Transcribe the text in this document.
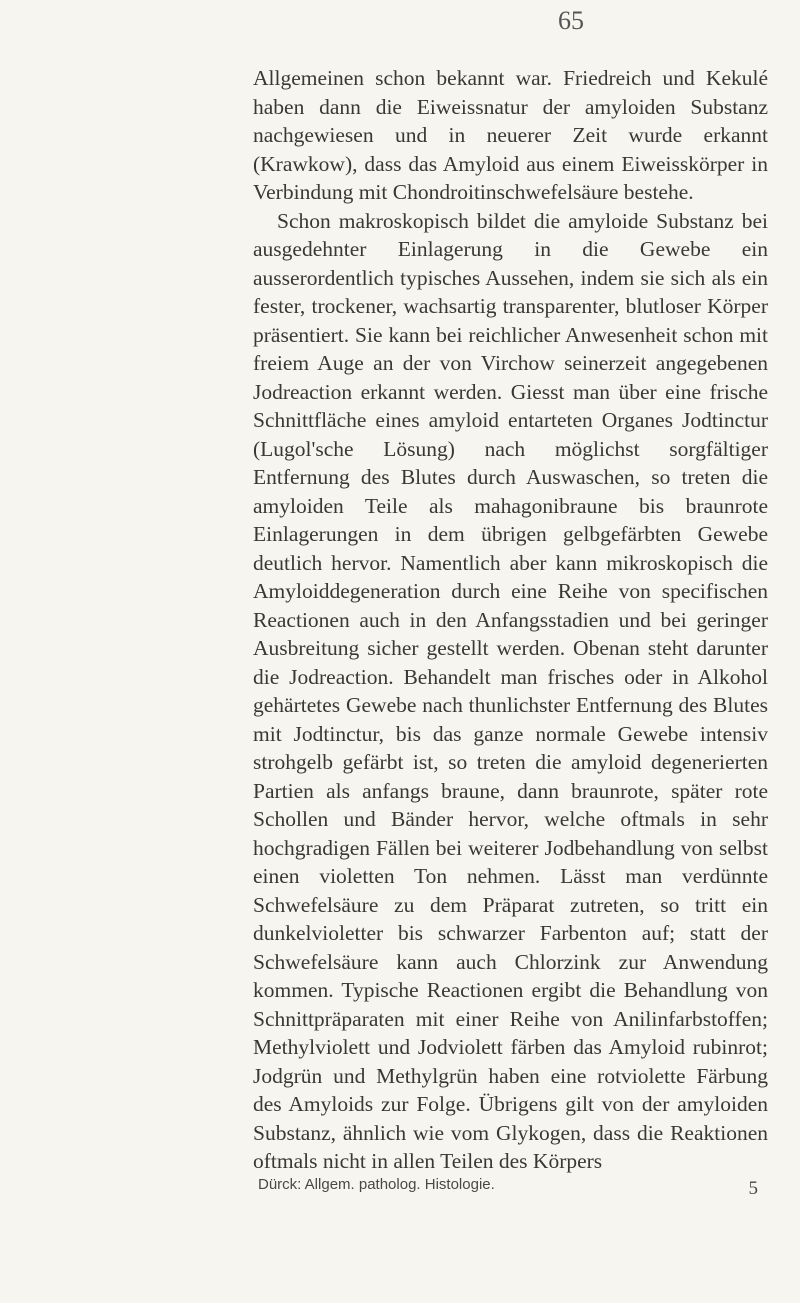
65

Allgemeinen schon bekannt war. Friedreich und Kekulé haben dann die Eiweissnatur der amyloiden Substanz nachgewiesen und in neuerer Zeit wurde erkannt (Krawkow), dass das Amyloid aus einem Eiweisskörper in Verbindung mit Chondroitinschwefelsäure bestehe.

Schon makroskopisch bildet die amyloide Substanz bei ausgedehnter Einlagerung in die Gewebe ein ausserordentlich typisches Aussehen, indem sie sich als ein fester, trockener, wachsartig transparenter, blutloser Körper präsentiert. Sie kann bei reichlicher Anwesenheit schon mit freiem Auge an der von Virchow seinerzeit angegebenen Jodreaction erkannt werden. Giesst man über eine frische Schnittfläche eines amyloid entarteten Organes Jodtinctur (Lugol'sche Lösung) nach möglichst sorgfältiger Entfernung des Blutes durch Auswaschen, so treten die amyloiden Teile als mahagonibraune bis braunrote Einlagerungen in dem übrigen gelbgefärbten Gewebe deutlich hervor. Namentlich aber kann mikroskopisch die Amyloiddegeneration durch eine Reihe von specifischen Reactionen auch in den Anfangsstadien und bei geringer Ausbreitung sicher gestellt werden. Obenan steht darunter die Jodreaction. Behandelt man frisches oder in Alkohol gehärtetes Gewebe nach thunlichster Entfernung des Blutes mit Jodtinctur, bis das ganze normale Gewebe intensiv strohgelb gefärbt ist, so treten die amyloid degenerierten Partien als anfangs braune, dann braunrote, später rote Schollen und Bänder hervor, welche oftmals in sehr hochgradigen Fällen bei weiterer Jodbehandlung von selbst einen violetten Ton nehmen. Lässt man verdünnte Schwefelsäure zu dem Präparat zutreten, so tritt ein dunkelvioletter bis schwarzer Farbenton auf; statt der Schwefelsäure kann auch Chlorzink zur Anwendung kommen. Typische Reactionen ergibt die Behandlung von Schnittpräparaten mit einer Reihe von Anilinfarbstoffen; Methylviolett und Jodviolett färben das Amyloid rubinrot; Jodgrün und Methylgrün haben eine rotviolette Färbung des Amyloids zur Folge. Übrigens gilt von der amyloiden Substanz, ähnlich wie vom Glykogen, dass die Reaktionen oftmals nicht in allen Teilen des Körpers

Dürck: Allgem. patholog. Histologie.	5
